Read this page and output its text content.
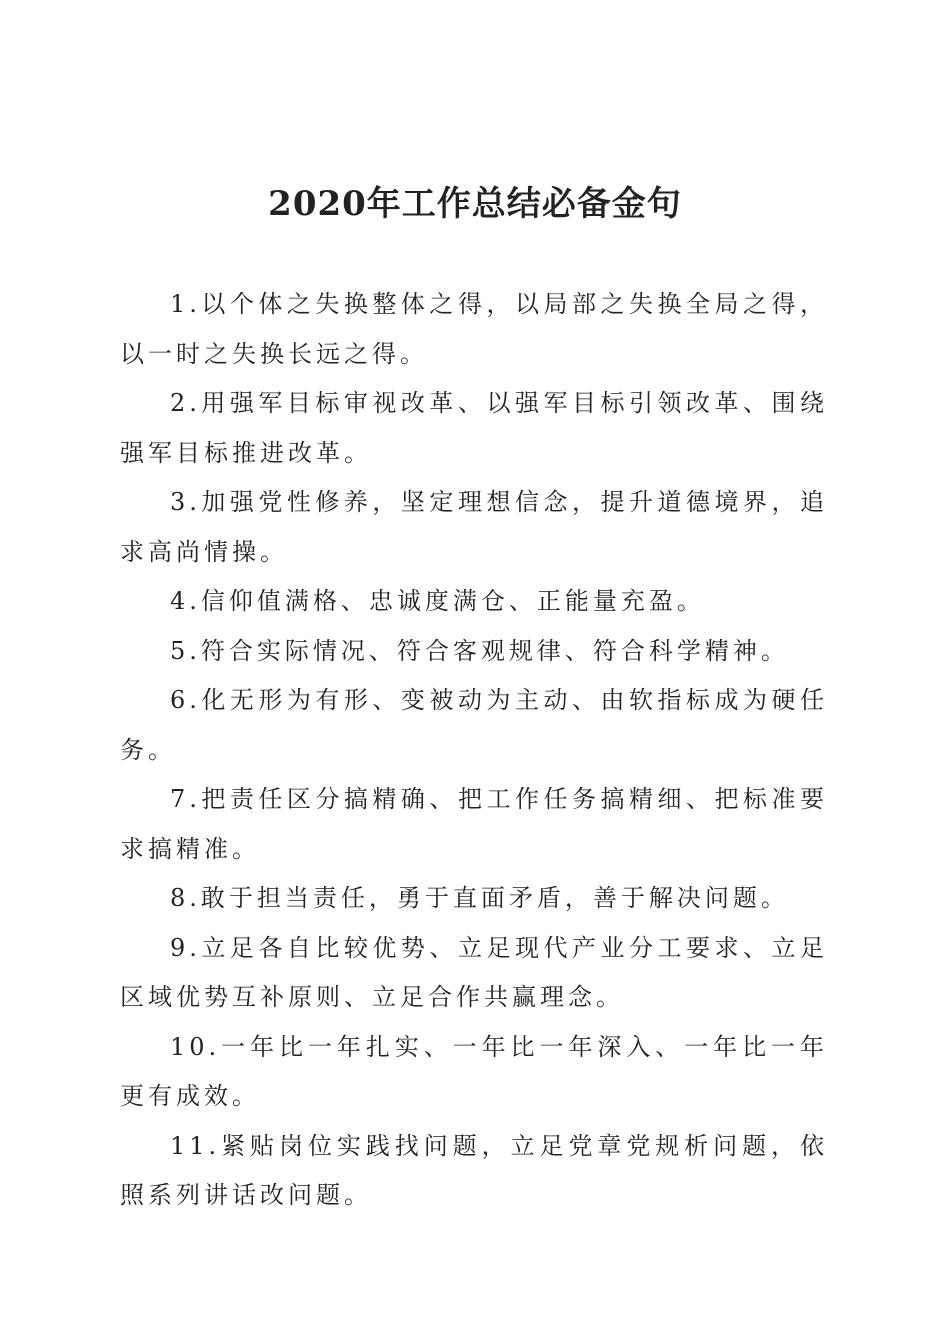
2020年工作总结必备金句

1.以个体之失换整体之得，以局部之失换全局之得，以一时之失换长远之得。

2.用强军目标审视改革、以强军目标引领改革、围绕强军目标推进改革。

3.加强党性修养，坚定理想信念，提升道德境界，追求高尚情操。

4.信仰值满格、忠诚度满仓、正能量充盈。

5.符合实际情况、符合客观规律、符合科学精神。

6.化无形为有形、变被动为主动、由软指标成为硬任务。

7.把责任区分搞精确、把工作任务搞精细、把标准要求搞精准。

8.敢于担当责任，勇于直面矛盾，善于解决问题。

9.立足各自比较优势、立足现代产业分工要求、立足区域优势互补原则、立足合作共赢理念。

10.一年比一年扎实、一年比一年深入、一年比一年更有成效。

11.紧贴岗位实践找问题，立足党章党规析问题，依照系列讲话改问题。
